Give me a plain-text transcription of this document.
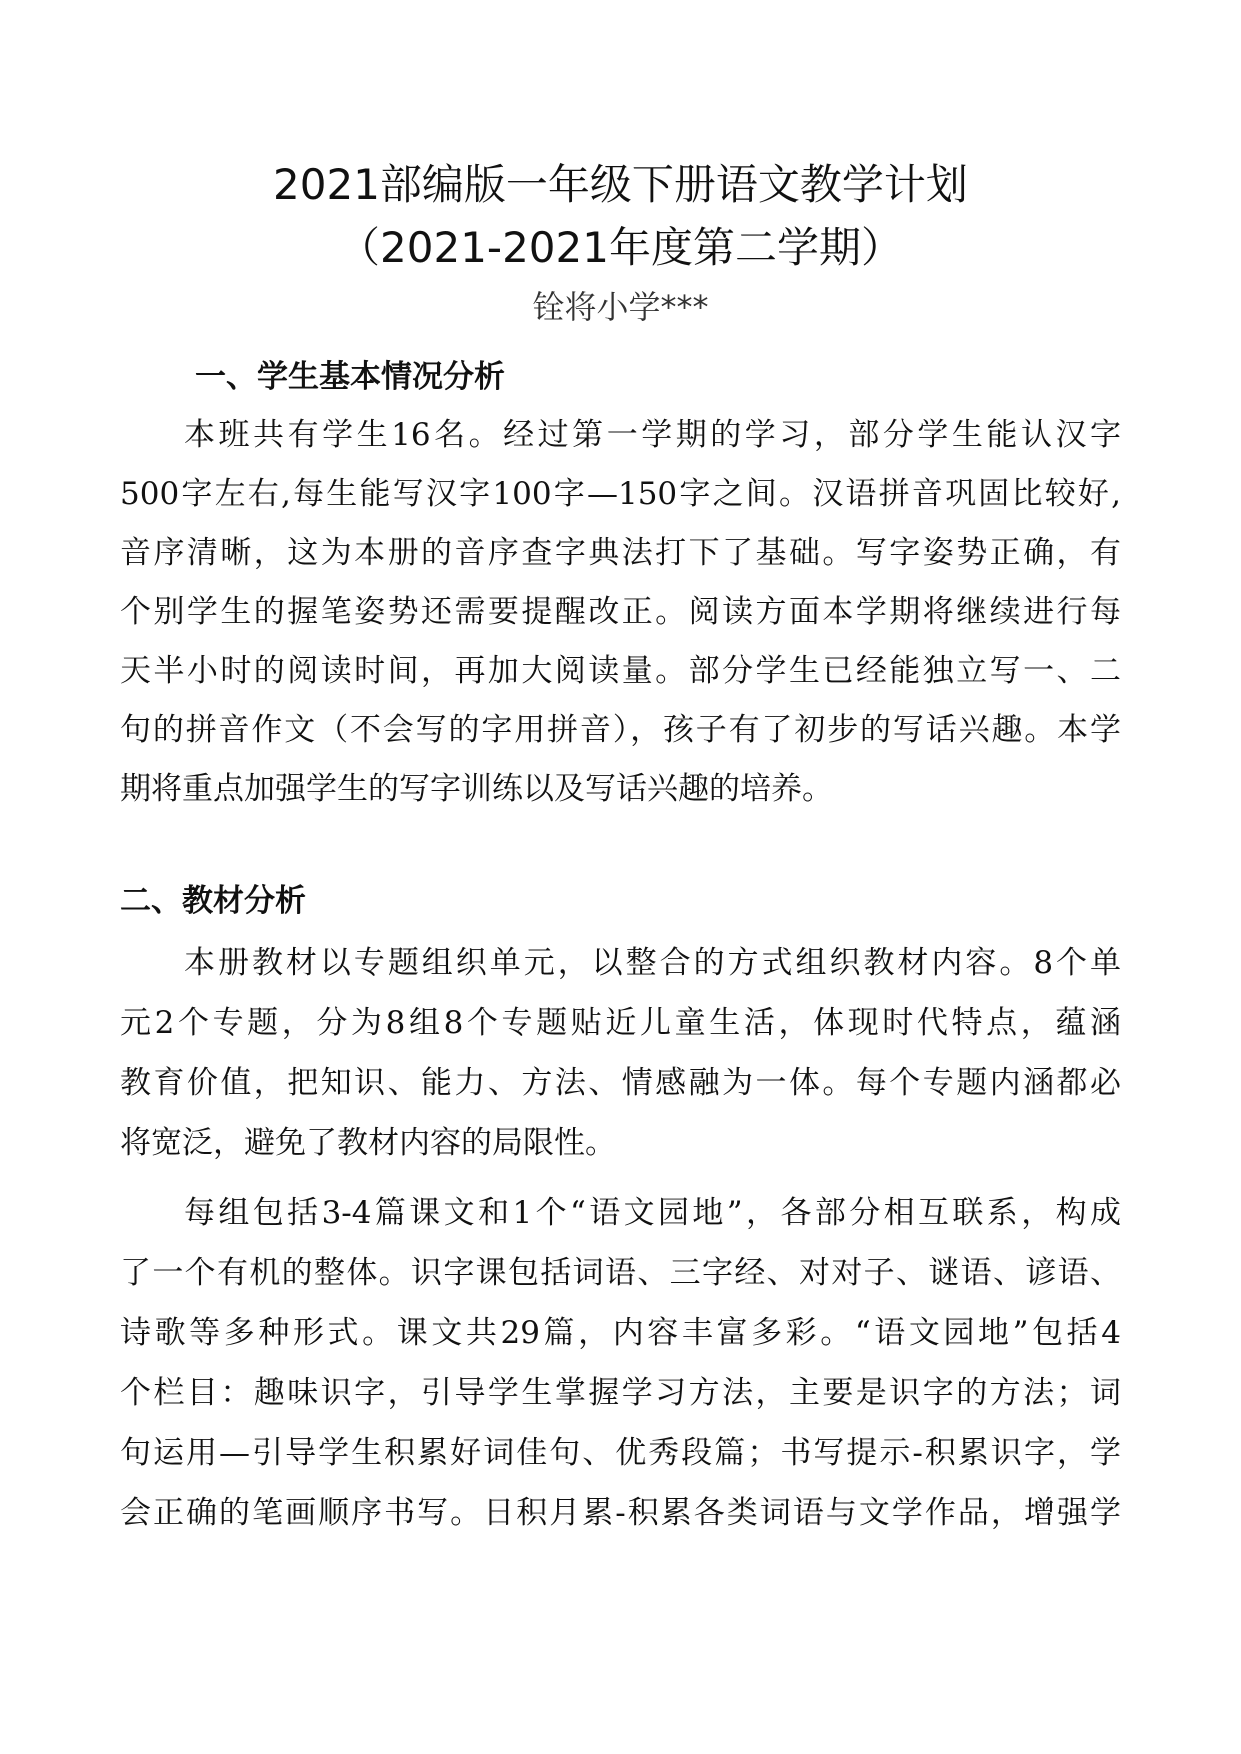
2021部编版一年级下册语文教学计划
（2021-2021年度第二学期）
铨将小学***
一、学生基本情况分析
本班共有学生16名。经过第一学期的学习，部分学生能认汉字
500字左右,每生能写汉字100字—150字之间。汉语拼音巩固比较好,
音序清晰，这为本册的音序查字典法打下了基础。写字姿势正确，有
个别学生的握笔姿势还需要提醒改正。阅读方面本学期将继续进行每
天半小时的阅读时间，再加大阅读量。部分学生已经能独立写一、二
句的拼音作文（不会写的字用拼音），孩子有了初步的写话兴趣。本学
期将重点加强学生的写字训练以及写话兴趣的培养。
二、教材分析
本册教材以专题组织单元，以整合的方式组织教材内容。8个单
元2个专题，分为8组8个专题贴近儿童生活，体现时代特点，蕴涵
教育价值，把知识、能力、方法、情感融为一体。每个专题内涵都必
将宽泛，避免了教材内容的局限性。
每组包括3-4篇课文和1个“语文园地”，各部分相互联系，构成
了一个有机的整体。识字课包括词语、三字经、对对子、谜语、谚语、
诗歌等多种形式。课文共29篇，内容丰富多彩。“语文园地”包括4
个栏目：趣味识字，引导学生掌握学习方法，主要是识字的方法；词
句运用—引导学生积累好词佳句、优秀段篇；书写提示-积累识字，学
会正确的笔画顺序书写。日积月累-积累各类词语与文学作品，增强学
